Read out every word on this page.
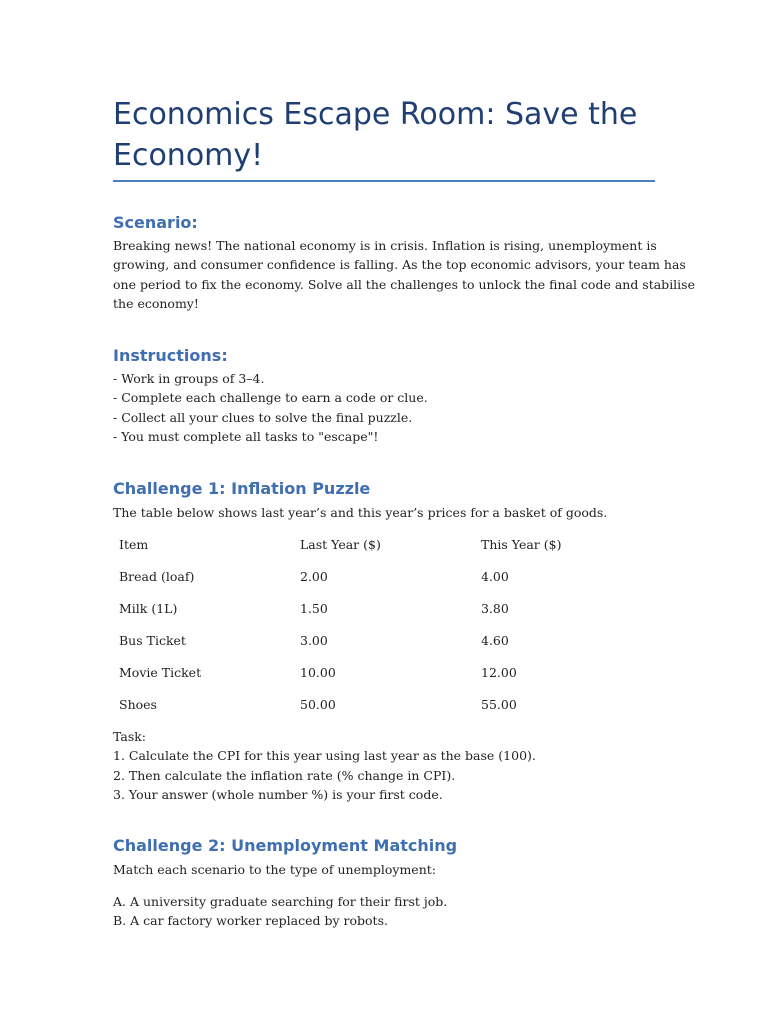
Economics Escape Room: Save the Economy!
Scenario:
Breaking news! The national economy is in crisis. Inflation is rising, unemployment is
growing, and consumer confidence is falling. As the top economic advisors, your team has
one period to fix the economy. Solve all the challenges to unlock the final code and stabilise
the economy!
Instructions:
- Work in groups of 3–4.
- Complete each challenge to earn a code or clue.
- Collect all your clues to solve the final puzzle.
- You must complete all tasks to "escape"!
Challenge 1: Inflation Puzzle
The table below shows last year’s and this year’s prices for a basket of goods.
Item	Last Year ($)	This Year ($)
Bread (loaf)	2.00	4.00
Milk (1L)	1.50	3.80
Bus Ticket	3.00	4.60
Movie Ticket	10.00	12.00
Shoes	50.00	55.00
Task:
1. Calculate the CPI for this year using last year as the base (100).
2. Then calculate the inflation rate (% change in CPI).
3. Your answer (whole number %) is your first code.
Challenge 2: Unemployment Matching
Match each scenario to the type of unemployment:
A. A university graduate searching for their first job.
B. A car factory worker replaced by robots.
